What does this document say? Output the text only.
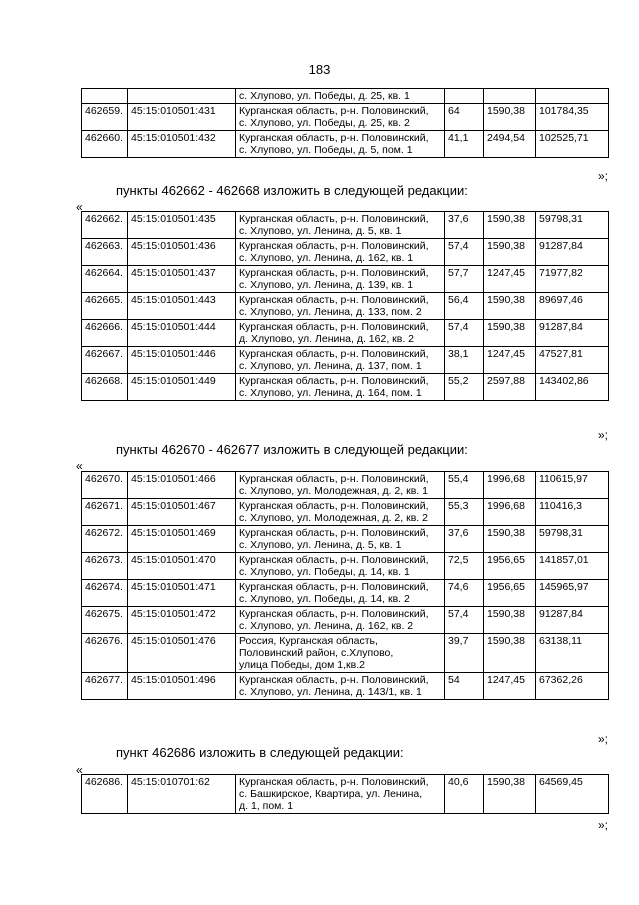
183
		с. Хлупово, ул. Победы, д. 25, кв. 1			
462659.	45:15:010501:431	Курганская область, р-н. Половинский,
с. Хлупово, ул. Победы, д. 25, кв. 2	64	1590,38	101784,35
462660.	45:15:010501:432	Курганская область, р-н. Половинский,
с. Хлупово, ул. Победы, д. 5, пом. 1	41,1	2494,54	102525,71
»;
пункты 462662 - 462668 изложить в следующей редакции:
«
462662.	45:15:010501:435	Курганская область, р-н. Половинский,
с. Хлупово, ул. Ленина, д. 5, кв. 1	37,6	1590,38	59798,31
462663.	45:15:010501:436	Курганская область, р-н. Половинский,
с. Хлупово, ул. Ленина, д. 162, кв. 1	57,4	1590,38	91287,84
462664.	45:15:010501:437	Курганская область, р-н. Половинский,
с. Хлупово, ул. Ленина, д. 139, кв. 1	57,7	1247,45	71977,82
462665.	45:15:010501:443	Курганская область, р-н. Половинский,
с. Хлупово, ул. Ленина, д. 133, пом. 2	56,4	1590,38	89697,46
462666.	45:15:010501:444	Курганская область, р-н. Половинский,
д. Хлупово, ул. Ленина, д. 162, кв. 2	57,4	1590,38	91287,84
462667.	45:15:010501:446	Курганская область, р-н. Половинский,
с. Хлупово, ул. Ленина, д. 137, пом. 1	38,1	1247,45	47527,81
462668.	45:15:010501:449	Курганская область, р-н. Половинский,
с. Хлупово, ул. Ленина, д. 164, пом. 1	55,2	2597,88	143402,86
»;
пункты 462670 - 462677 изложить в следующей редакции:
«
462670.	45:15:010501:466	Курганская область, р-н. Половинский,
с. Хлупово, ул. Молодежная, д. 2, кв. 1	55,4	1996,68	110615,97
462671.	45:15:010501:467	Курганская область, р-н. Половинский,
с. Хлупово, ул. Молодежная, д. 2, кв. 2	55,3	1996,68	110416,3
462672.	45:15:010501:469	Курганская область, р-н. Половинский,
с. Хлупово, ул. Ленина, д. 5, кв. 1	37,6	1590,38	59798,31
462673.	45:15:010501:470	Курганская область, р-н. Половинский,
с. Хлупово, ул. Победы, д. 14, кв. 1	72,5	1956,65	141857,01
462674.	45:15:010501:471	Курганская область, р-н. Половинский,
с. Хлупово, ул. Победы, д. 14, кв. 2	74,6	1956,65	145965,97
462675.	45:15:010501:472	Курганская область, р-н. Половинский,
с. Хлупово, ул. Ленина, д. 162, кв. 2	57,4	1590,38	91287,84
462676.	45:15:010501:476	Россия, Курганская область,
Половинский район, с.Хлупово,
улица Победы, дом 1,кв.2	39,7	1590,38	63138,11
462677.	45:15:010501:496	Курганская область, р-н. Половинский,
с. Хлупово, ул. Ленина, д. 143/1, кв. 1	54	1247,45	67362,26
»;
пункт 462686 изложить в следующей редакции:
«
462686.	45:15:010701:62	Курганская область, р-н. Половинский,
с. Башкирское, Квартира, ул. Ленина,
д. 1, пом. 1	40,6	1590,38	64569,45
»;
